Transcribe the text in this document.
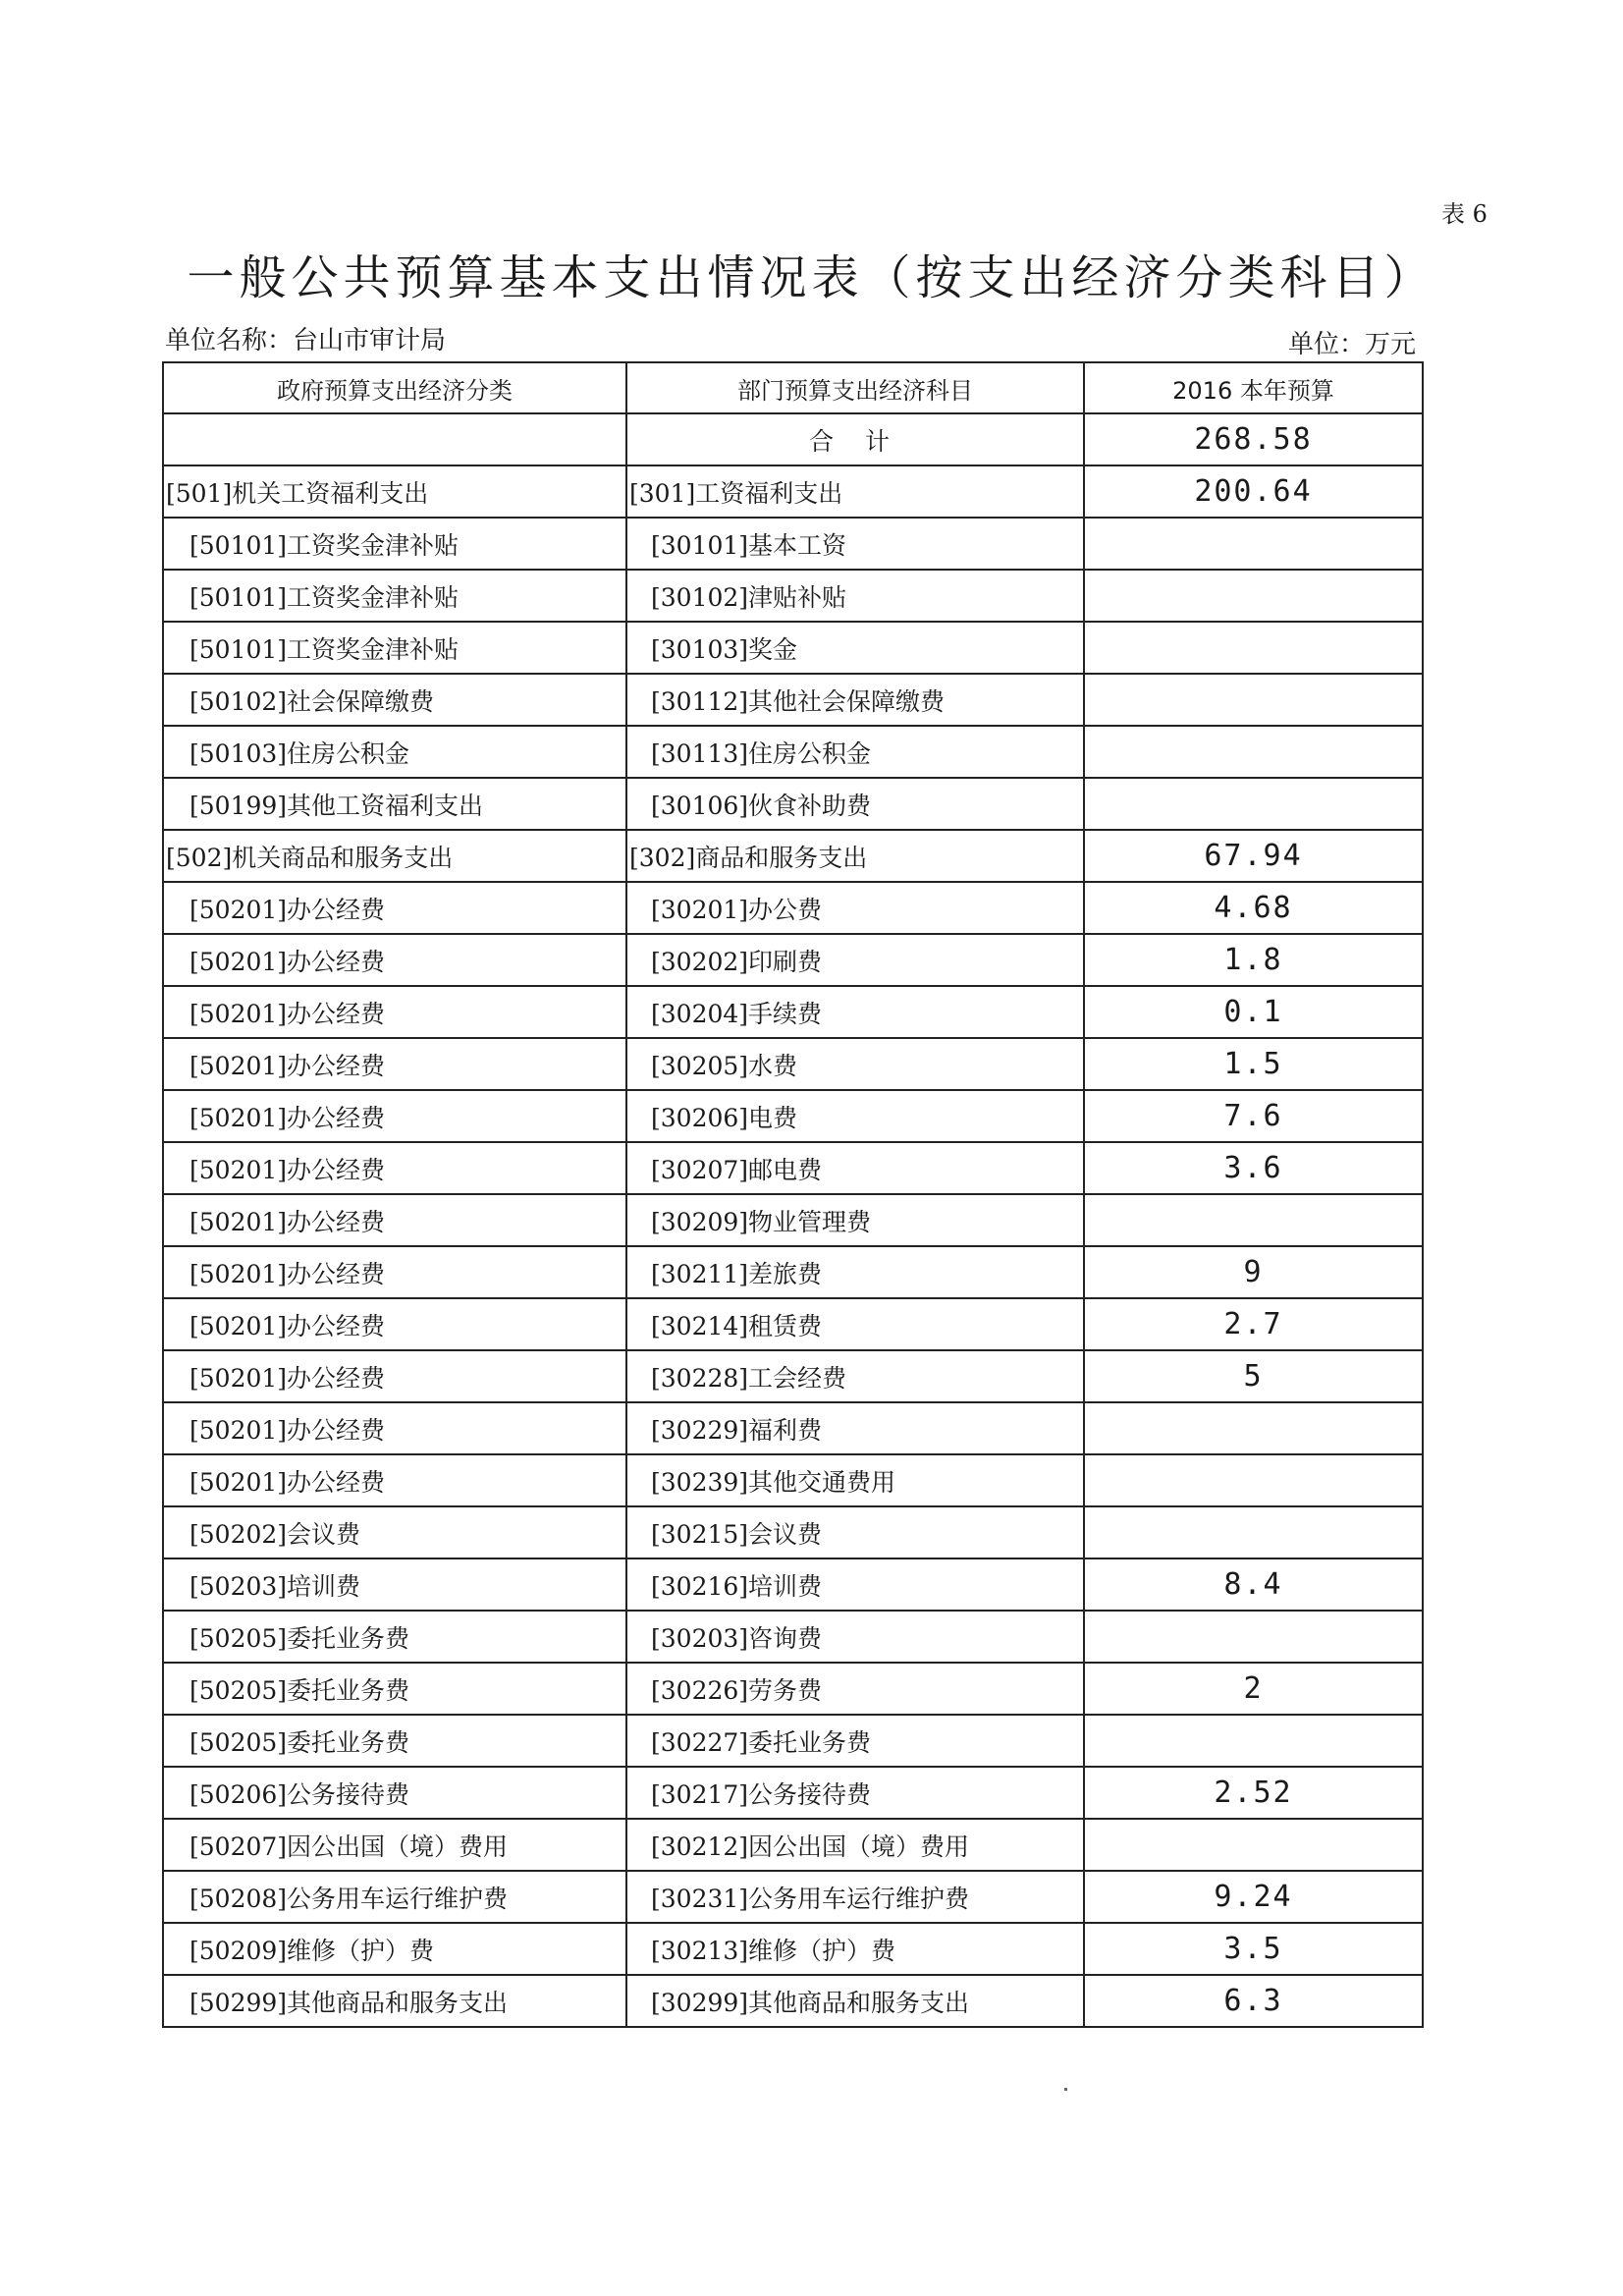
表 6
一般公共预算基本支出情况表（按支出经济分类科目）
单位名称：台山市审计局	单位：万元
政府预算支出经济分类	部门预算支出经济科目	2016 本年预算
	合 计	268.58
[501]机关工资福利支出	[301]工资福利支出	200.64
[50101]工资奖金津补贴	[30101]基本工资	
[50101]工资奖金津补贴	[30102]津贴补贴	
[50101]工资奖金津补贴	[30103]奖金	
[50102]社会保障缴费	[30112]其他社会保障缴费	
[50103]住房公积金	[30113]住房公积金	
[50199]其他工资福利支出	[30106]伙食补助费	
[502]机关商品和服务支出	[302]商品和服务支出	67.94
[50201]办公经费	[30201]办公费	4.68
[50201]办公经费	[30202]印刷费	1.8
[50201]办公经费	[30204]手续费	0.1
[50201]办公经费	[30205]水费	1.5
[50201]办公经费	[30206]电费	7.6
[50201]办公经费	[30207]邮电费	3.6
[50201]办公经费	[30209]物业管理费	
[50201]办公经费	[30211]差旅费	9
[50201]办公经费	[30214]租赁费	2.7
[50201]办公经费	[30228]工会经费	5
[50201]办公经费	[30229]福利费	
[50201]办公经费	[30239]其他交通费用	
[50202]会议费	[30215]会议费	
[50203]培训费	[30216]培训费	8.4
[50205]委托业务费	[30203]咨询费	
[50205]委托业务费	[30226]劳务费	2
[50205]委托业务费	[30227]委托业务费	
[50206]公务接待费	[30217]公务接待费	2.52
[50207]因公出国（境）费用	[30212]因公出国（境）费用	
[50208]公务用车运行维护费	[30231]公务用车运行维护费	9.24
[50209]维修（护）费	[30213]维修（护）费	3.5
[50299]其他商品和服务支出	[30299]其他商品和服务支出	6.3
